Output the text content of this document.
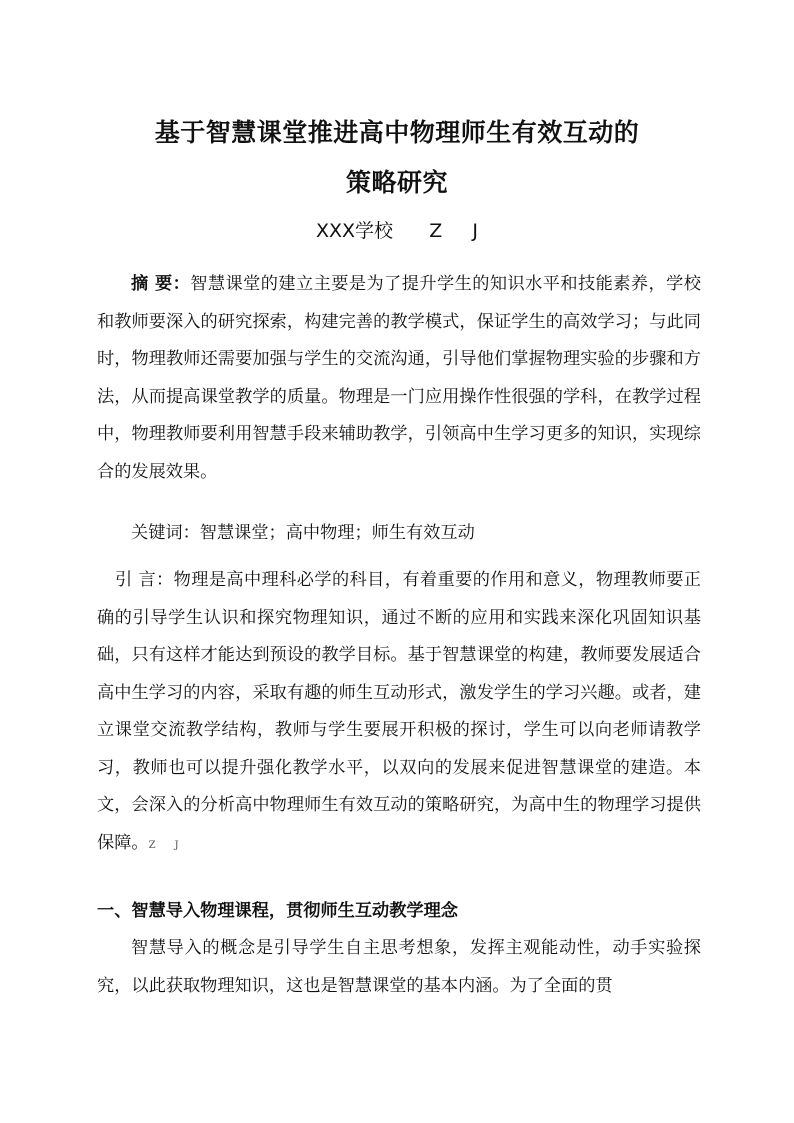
基于智慧课堂推进高中物理师生有效互动的
策略研究
XXX学校      Z     J

摘 要：智慧课堂的建立主要是为了提升学生的知识水平和技能素养，学校和教师要深入的研究探索，构建完善的教学模式，保证学生的高效学习；与此同时，物理教师还需要加强与学生的交流沟通，引导他们掌握物理实验的步骤和方法，从而提高课堂教学的质量。物理是一门应用操作性很强的学科，在教学过程中，物理教师要利用智慧手段来辅助教学，引领高中生学习更多的知识，实现综合的发展效果。

关键词：智慧课堂；高中物理；师生有效互动

引 言：物理是高中理科必学的科目，有着重要的作用和意义，物理教师要正确的引导学生认识和探究物理知识，通过不断的应用和实践来深化巩固知识基础，只有这样才能达到预设的教学目标。基于智慧课堂的构建，教师要发展适合高中生学习的内容，采取有趣的师生互动形式，激发学生的学习兴趣。或者，建立课堂交流教学结构，教师与学生要展开积极的探讨，学生可以向老师请教学习，教师也可以提升强化教学水平，以双向的发展来促进智慧课堂的建造。本文，会深入的分析高中物理师生有效互动的策略研究，为高中生的物理学习提供保障。Z      J

一、智慧导入物理课程，贯彻师生互动教学理念

智慧导入的概念是引导学生自主思考想象，发挥主观能动性，动手实验探究，以此获取物理知识，这也是智慧课堂的基本内涵。为了全面的贯
